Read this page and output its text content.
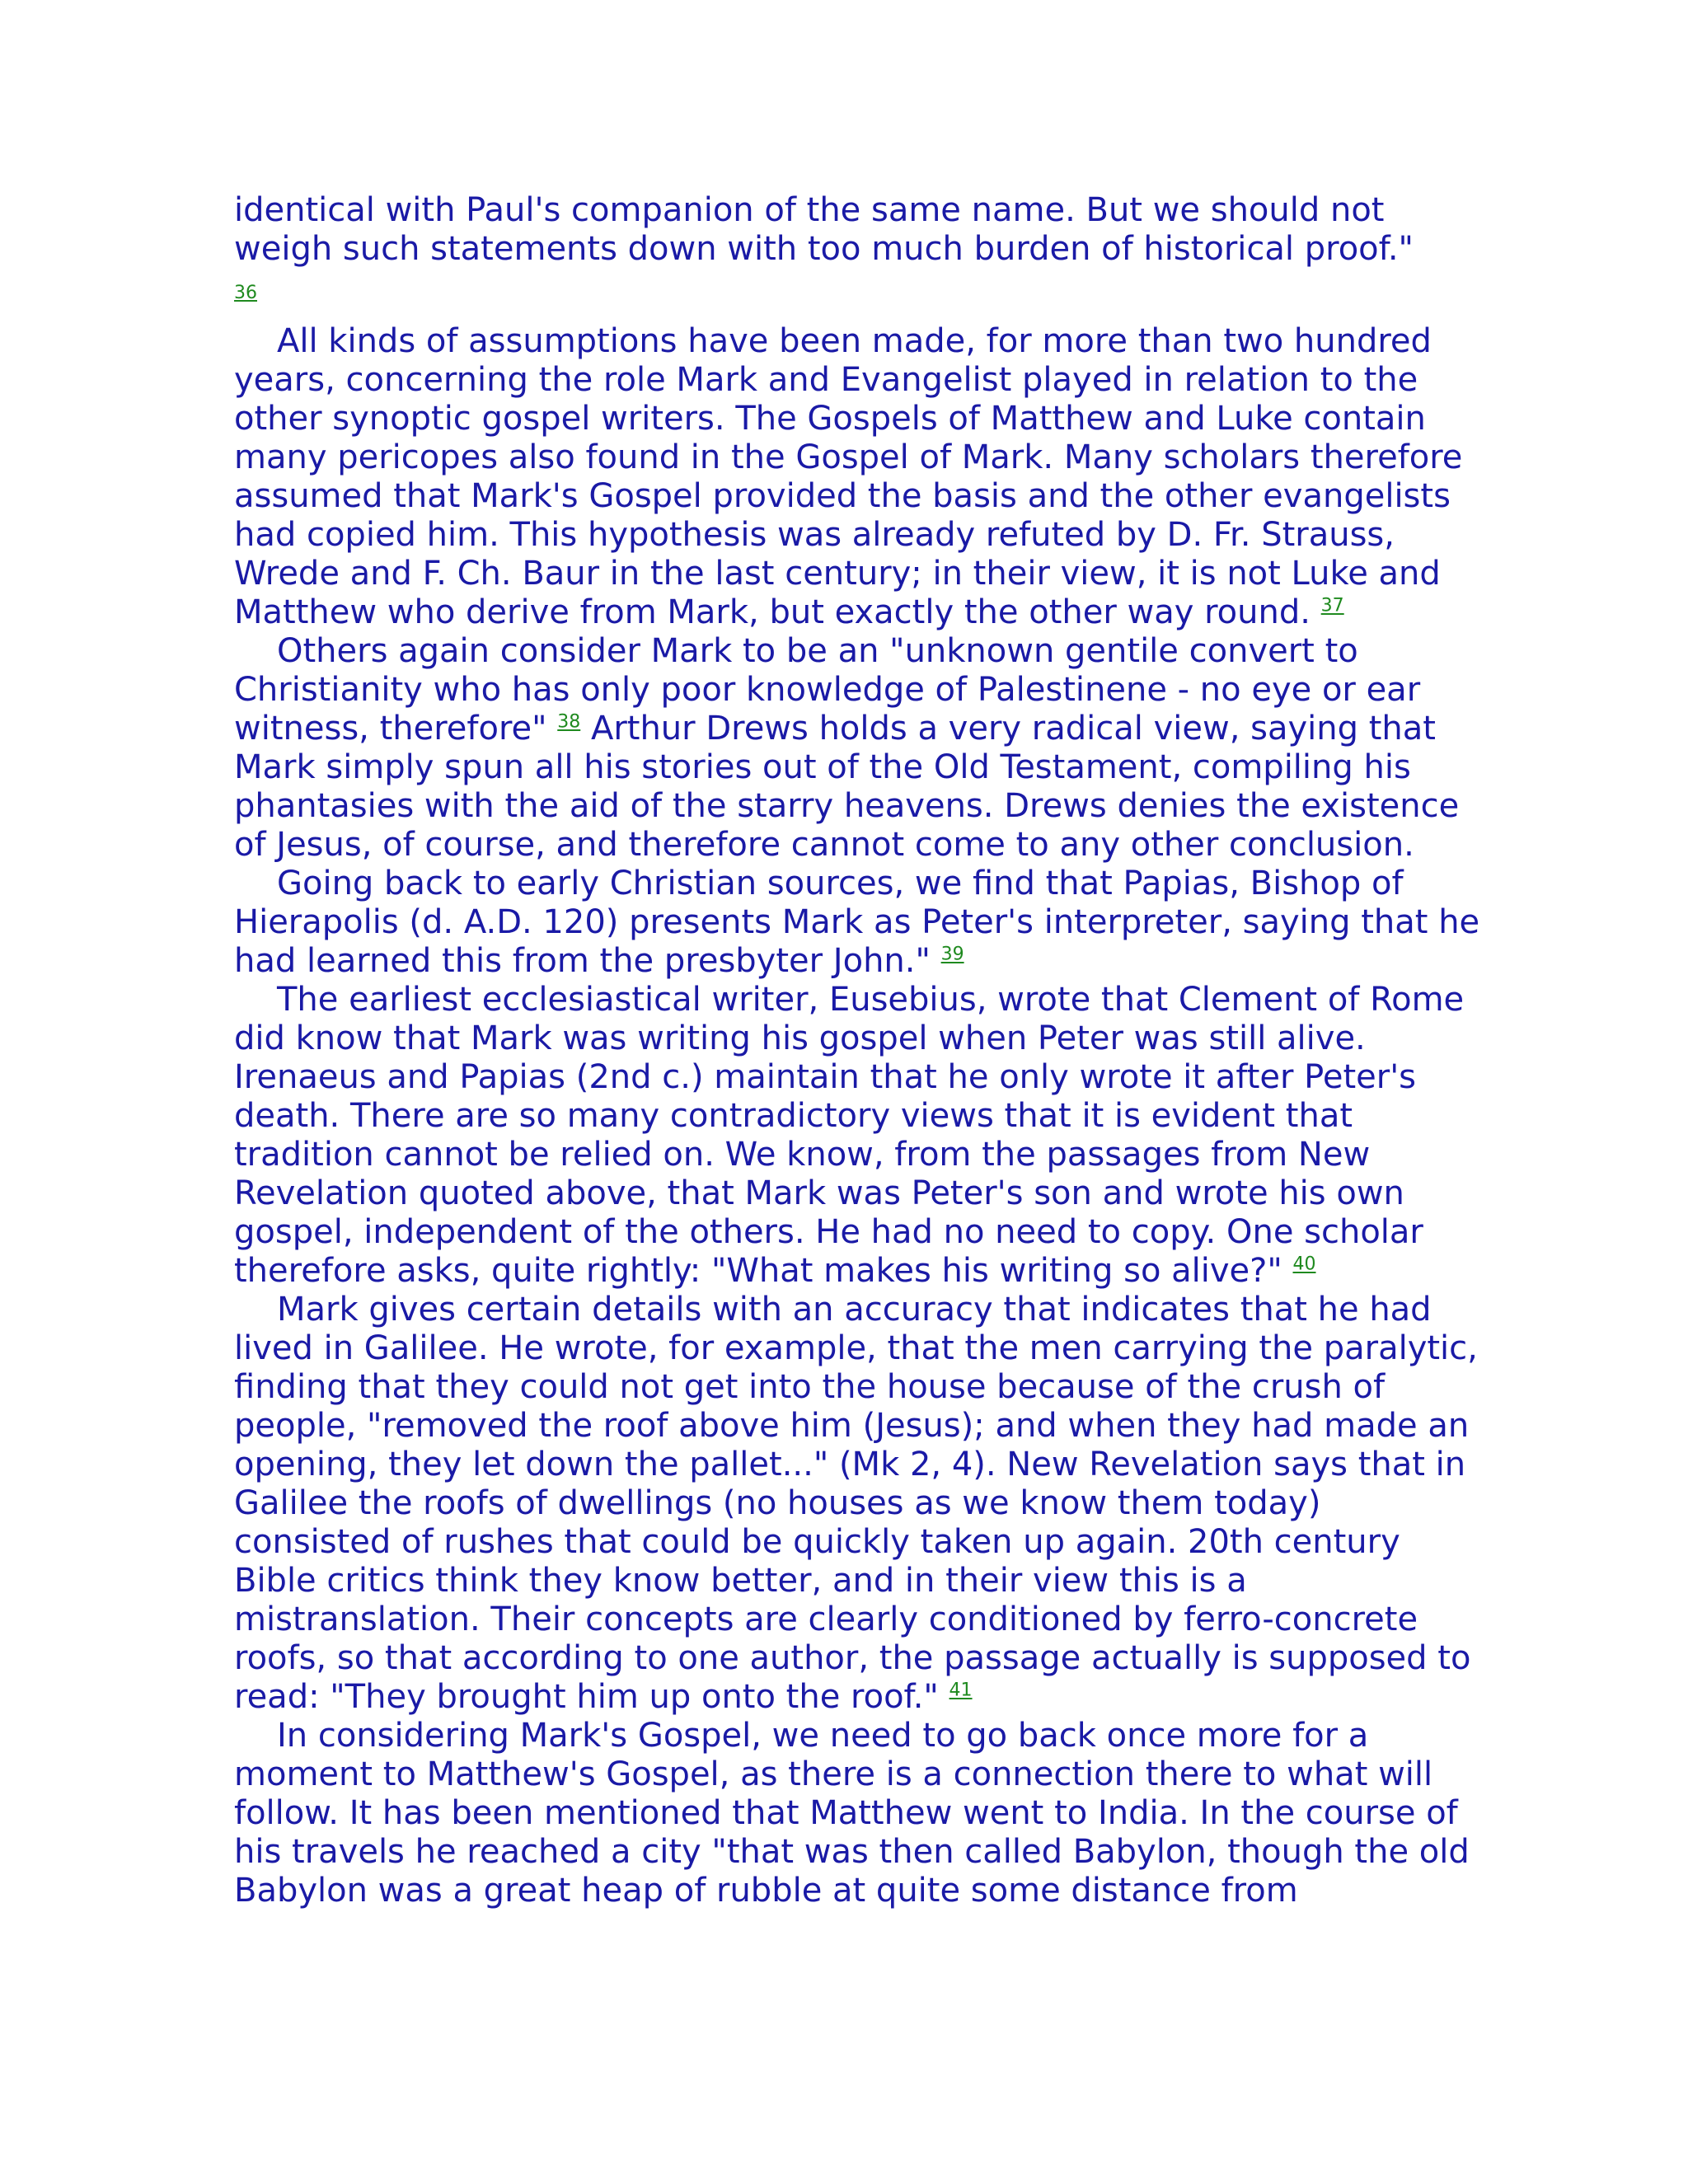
identical with Paul's companion of the same name. But we should not weigh such statements down with too much burden of historical proof."
36

All kinds of assumptions have been made, for more than two hundred years, concerning the role Mark and Evangelist played in relation to the other synoptic gospel writers. The Gospels of Matthew and Luke contain many pericopes also found in the Gospel of Mark. Many scholars therefore assumed that Mark's Gospel provided the basis and the other evangelists had copied him. This hypothesis was already refuted by D. Fr. Strauss, Wrede and F. Ch. Baur in the last century; in their view, it is not Luke and Matthew who derive from Mark, but exactly the other way round. $^{37}$

Others again consider Mark to be an "unknown gentile convert to Christianity who has only poor knowledge of Palestinene - no eye or ear witness, therefore" $^{38}$ Arthur Drews holds a very radical view, saying that Mark simply spun all his stories out of the Old Testament, compiling his phantasies with the aid of the starry heavens. Drews denies the existence of Jesus, of course, and therefore cannot come to any other conclusion.

Going back to early Christian sources, we find that Papias, Bishop of Hierapolis (d. A.D. 120) presents Mark as Peter's interpreter, saying that he had learned this from the presbyter John." $^{39}$

The earliest ecclesiastical writer, Eusebius, wrote that Clement of Rome did know that Mark was writing his gospel when Peter was still alive. Irenaeus and Papias (2nd c.) maintain that he only wrote it after Peter's death. There are so many contradictory views that it is evident that tradition cannot be relied on. We know, from the passages from New Revelation quoted above, that Mark was Peter's son and wrote his own gospel, independent of the others. He had no need to copy. One scholar therefore asks, quite rightly: "What makes his writing so alive?" $^{40}$

Mark gives certain details with an accuracy that indicates that he had lived in Galilee. He wrote, for example, that the men carrying the paralytic, finding that they could not get into the house because of the crush of people, "removed the roof above him (Jesus); and when they had made an opening, they let down the pallet..." (Mk 2, 4). New Revelation says that in Galilee the roofs of dwellings (no houses as we know them today) consisted of rushes that could be quickly taken up again. 20th century Bible critics think they know better, and in their view this is a mistranslation. Their concepts are clearly conditioned by ferro-concrete roofs, so that according to one author, the passage actually is supposed to read: "They brought him up onto the roof." $^{41}$

In considering Mark's Gospel, we need to go back once more for a moment to Matthew's Gospel, as there is a connection there to what will follow. It has been mentioned that Matthew went to India. In the course of his travels he reached a city "that was then called Babylon, though the old Babylon was a great heap of rubble at quite some distance from
